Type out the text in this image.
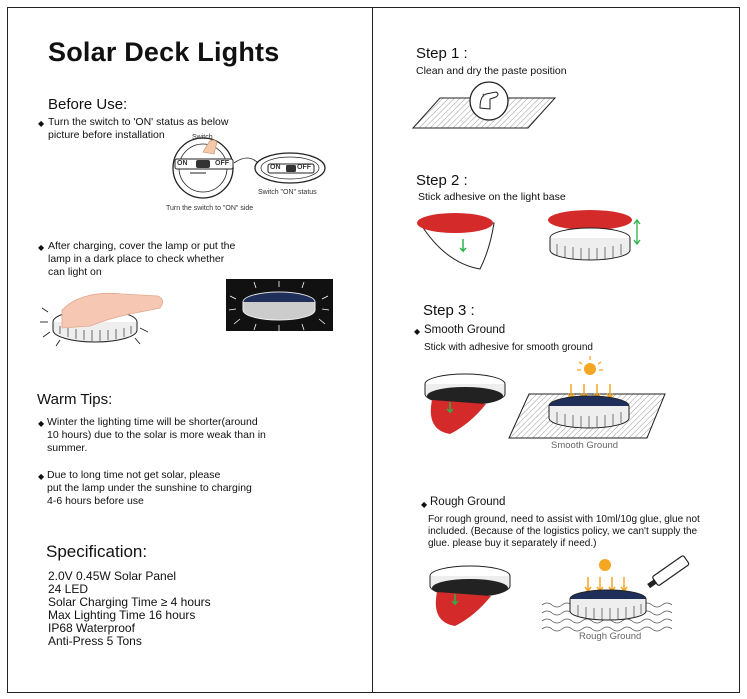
Solar Deck Lights
Before Use:
◆ Turn the switch to 'ON' status as below
picture before installation	Switch
ON	OFF
ON OFF
Turn the switch to "ON" side
Switch "ON" status
◆ After charging, cover the lamp or put the
lamp in a dark place to check whether
can light on
Warm Tips:
◆ Winter the lighting time will be shorter(around
10 hours) due to the solar is more weak than in
summer.
◆ Due to long time not get solar, please
put the lamp under the sunshine to charging
4-6 hours before use
Specification:
2.0V 0.45W Solar Panel
24 LED
Solar Charging Time ≥ 4 hours
Max Lighting Time 16 hours
IP68 Waterproof
Anti-Press 5 Tons
Step 1 :
Clean and dry the paste position
+
Step 2 :
Stick adhesive on the light base
Step 3 :
◆ Smooth Ground
Stick with adhesive for smooth ground
Smooth Ground
◆ Rough Ground
For rough ground, need to assist with 10ml/10g glue, glue not
included. (Because of the logistics policy, we can't supply the
glue. please buy it separately if need.)
Rough Ground
